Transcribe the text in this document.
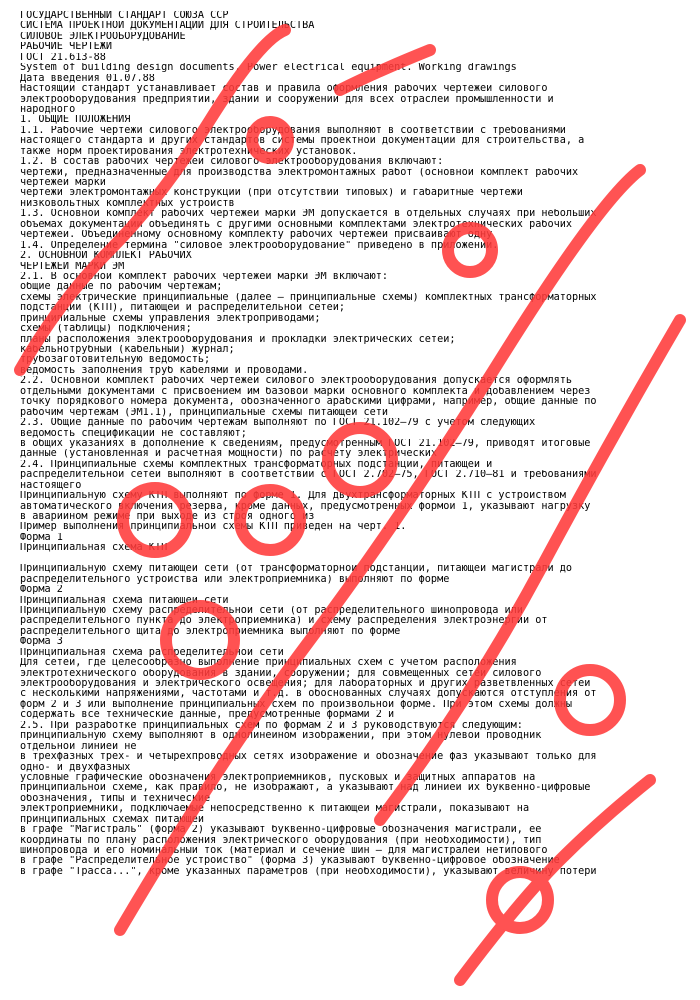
ГОСУДАРСТВЕННЫЙ СТАНДАРТ СОЮЗА ССР
СИСТЕМА ПРОЕКТНОЙ ДОКУМЕНТАЦИИ ДЛЯ СТРОИТЕЛЬСТВА
СИЛОВОЕ ЭЛЕКТРООБОРУДОВАНИЕ
РАБОЧИЕ ЧЕРТЕЖИ
ГОСТ 21.613-88
System of building design documents. Power electrical equipment. Working drawings
Дата введения 01.07.88
Настоящий стандарт устанавливает состав и правила оформления рабочих чертежей силового
электрооборудования предприятий, зданий и сооружений для всех отраслей промышленности и
народного
1. ОБЩИЕ ПОЛОЖЕНИЯ
1.1. Рабочие чертежи силового электрооборудования выполняют в соответствии с требованиями
настоящего стандарта и других стандартов системы проектной документации для строительства, а
также норм проектирования электротехнических установок.
1.2. В состав рабочих чертежей силового электрооборудования включают:
чертежи, предназначенные для производства электромонтажных работ (основной комплект рабочих
чертежей марки
чертежи электромонтажных конструкций (при отсутствии типовых) и габаритные чертежи
низковольтных комплектных устройств
1.3. Основной комплект рабочих чертежей марки ЭМ допускается в отдельных случаях при небольших
объемах документации объединять с другими основными комплектами электротехнических рабочих
чертежей. Объединенному основному комплекту рабочих чертежей присваивают одну
1.4. Определение термина "силовое электрооборудование" приведено в приложении.
2. ОСНОВНОЙ КОМПЛЕКТ РАБОЧИХ
ЧЕРТЕЖЕЙ МАРКИ ЭМ
2.1. В основной комплект рабочих чертежей марки ЭМ включают:
общие данные по рабочим чертежам;
схемы электрические принципиальные (далее – принципиальные схемы) комплектных трансформаторных
подстанций (КТП), питающей и распределительной сетей;
принципиальные схемы управления электроприводами;
схемы (таблицы) подключения;
планы расположения электрооборудования и прокладки электрических сетей;
кабельнотрубный (кабельный) журнал;
трубозаготовительную ведомость;
ведомость заполнения труб кабелями и проводами.
2.2. Основной комплект рабочих чертежей силового электрооборудования допускается оформлять
отдельными документами с присвоением им базовой марки основного комплекта и добавлением через
точку порядкового номера документа, обозначенного арабскими цифрами, например, общие данные по
рабочим чертежам (ЭМ1.1), принципиальные схемы питающей сети
2.3. Общие данные по рабочим чертежам выполняют по ГОСТ 21.102–79 с учетом следующих
ведомость спецификаций не составляют;
в общих указаниях в дополнение к сведениям, предусмотренным ГОСТ 21.102–79, приводят итоговые
данные (установленная и расчетная мощности) по расчету электрических
2.4. Принципиальные схемы комплектных трансформаторных подстанций, питающей и
распределительной сетей выполняют в соответствии с ГОСТ 2.702–75, ГОСТ 2.710–81 и требованиями
настоящего
Принципиальную схему КТП выполняют по форме 1. Для двухтрансформаторных КТП с устройством
автоматического включения резерва, кроме данных, предусмотренных формой 1, указывают нагрузку
в аварийном режиме при выходе из строя одного из
Пример выполнения принципиальной схемы КТП приведен на черт. 1.
Форма 1
Принципиальная схема КТП
Принципиальную схему питающей сети (от трансформаторной подстанции, питающей магистрали до
распределительного устройства или электроприемника) выполняют по форме
Форма 2
Принципиальная схема питающей сети
Принципиальную схему распределительной сети (от распределительного шинопровода или
распределительного пункта до электроприемника) и схему распределения электроэнергии от
распределительного щита до электроприемника выполняют по форме
Форма 3
Принципиальная схема распределительной сети
Для сетей, где целесообразно выполнение принципиальных схем с учетом расположения
электротехнического оборудования в здании, сооружении; для совмещенных сетей силового
электрооборудования и электрического освещения; для лабораторных и других разветвленных сетей
с несколькими напряжениями, частотами и т.д. в обоснованных случаях допускаются отступления от
форм 2 и 3 или выполнение принципиальных схем по произвольной форме. При этом схемы должны
содержать все технические данные, предусмотренные формами 2 и
2.5. При разработке принципиальных схем по формам 2 и 3 руководствуются следующим:
принципиальную схему выполняют в однолинейном изображении, при этом нулевой проводник
отдельной линией не
в трехфазных трех- и четырехпроводных сетях изображение и обозначение фаз указывают только для
одно- и двухфазных
условные графические обозначения электроприемников, пусковых и защитных аппаратов на
принципиальной схеме, как правило, не изображают, а указывают над линией их буквенно-цифровые
обозначения, типы и технические
электроприемники, подключаемые непосредственно к питающей магистрали, показывают на
принципиальных схемах питающей
в графе "Магистраль" (форма 2) указывают буквенно-цифровые обозначения магистрали, ее
координаты по плану расположения электрического оборудования (при необходимости), тип
шинопровода и его номинальный ток (материал и сечение шин – для магистралей нетипового
в графе "Распределительное устройство" (форма 3) указывают буквенно-цифровое обозначение
в графе "Трасса...", кроме указанных параметров (при необходимости), указывают величину потери
